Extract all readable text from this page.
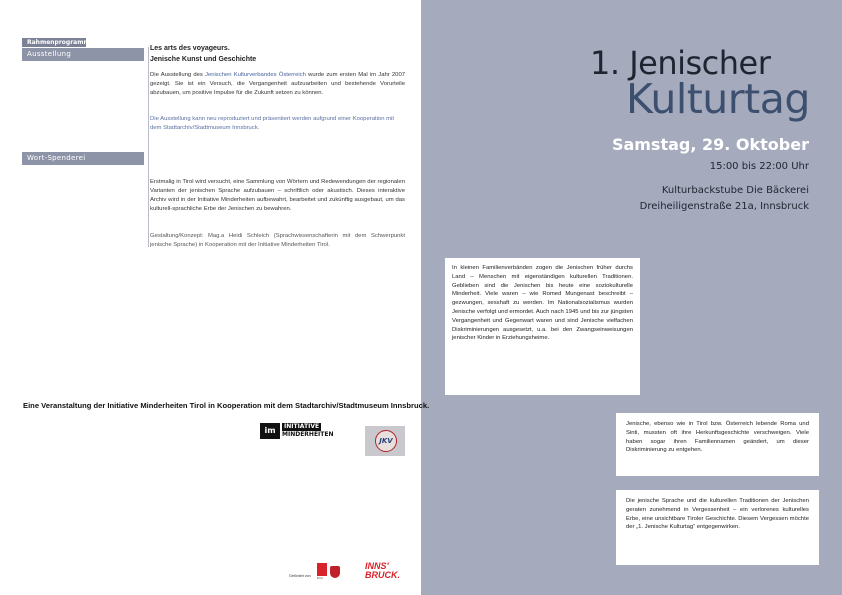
Rahmenprogramm
Ausstellung
Wort-Spenderei
Les arts des voyageurs.
Jenische Kunst und Geschichte
Die Ausstellung des Jenischen Kulturverbandes Österreich wurde zum ersten Mal im Jahr 2007 gezeigt. Sie ist ein Versuch, die Vergangenheit aufzuarbeiten und bestehende Vorurteile abzubauen, um positive Impulse für die Zukunft setzen zu können.
Die Ausstellung kann neu reproduziert und präsentiert werden aufgrund einer Kooperation mit dem Stadtarchiv/Stadtmuseum Innsbruck.
Erstmalig in Tirol wird versucht, eine Sammlung von Wörtern und Redewendungen der regionalen Varianten der jenischen Sprache aufzubauen – schriftlich oder akustisch. Dieses interaktive Archiv wird in der Initiative Minderheiten aufbewahrt, bearbeitet und zukünftig ausgebaut, um das kulturell-sprachliche Erbe der Jenischen zu bewahren.
Gestaltung/Konzept: Mag.a Heidi Schleich (Sprachwissenschafterin mit dem Schwerpunkt jenische Sprache) in Kooperation mit der Initiative Minderheiten Tirol.
Eine Veranstaltung der Initiative Minderheiten Tirol in Kooperation mit dem Stadtarchiv/Stadtmuseum Innsbruck.
im	INITIATIVE
MINDERHEITEN
JKV
Gefördert von: tirol
INNS'
BRUCK.
1. Jenischer
Kulturtag
Samstag, 29. Oktober
15:00 bis 22:00 Uhr
Kulturbackstube Die Bäckerei
Dreiheiligenstraße 21a, Innsbruck
In kleinen Familienverbänden zogen die Jenischen früher durchs Land – Menschen mit eigenständigen kulturellen Traditionen. Geblieben sind die Jenischen bis heute eine soziokulturelle Minderheit. Viele waren – wie Romed Mungenast beschreibt – gezwungen, sesshaft zu werden. Im Nationalsozialismus wurden Jenische verfolgt und ermordet. Auch nach 1945 und bis zur jüngsten Vergangenheit und Gegenwart waren und sind Jenische vielfachen Diskriminierungen ausgesetzt, u.a. bei den Zwangseinweisungen jenischer Kinder in Erziehungsheime.
Jenische, ebenso wie in Tirol bzw. Österreich lebende Roma und Sinti, mussten oft ihre Herkunftsgeschichte verschweigen. Viele haben sogar ihren Familiennamen geändert, um dieser Diskriminierung zu entgehen.
Die jenische Sprache und die kulturellen Traditionen der Jenischen geraten zunehmend in Vergessenheit – ein verlorenes kulturelles Erbe, eine unsichtbare Tiroler Geschichte. Diesem Vergessen möchte der „1. Jenische Kulturtag“ entgegenwirken.
